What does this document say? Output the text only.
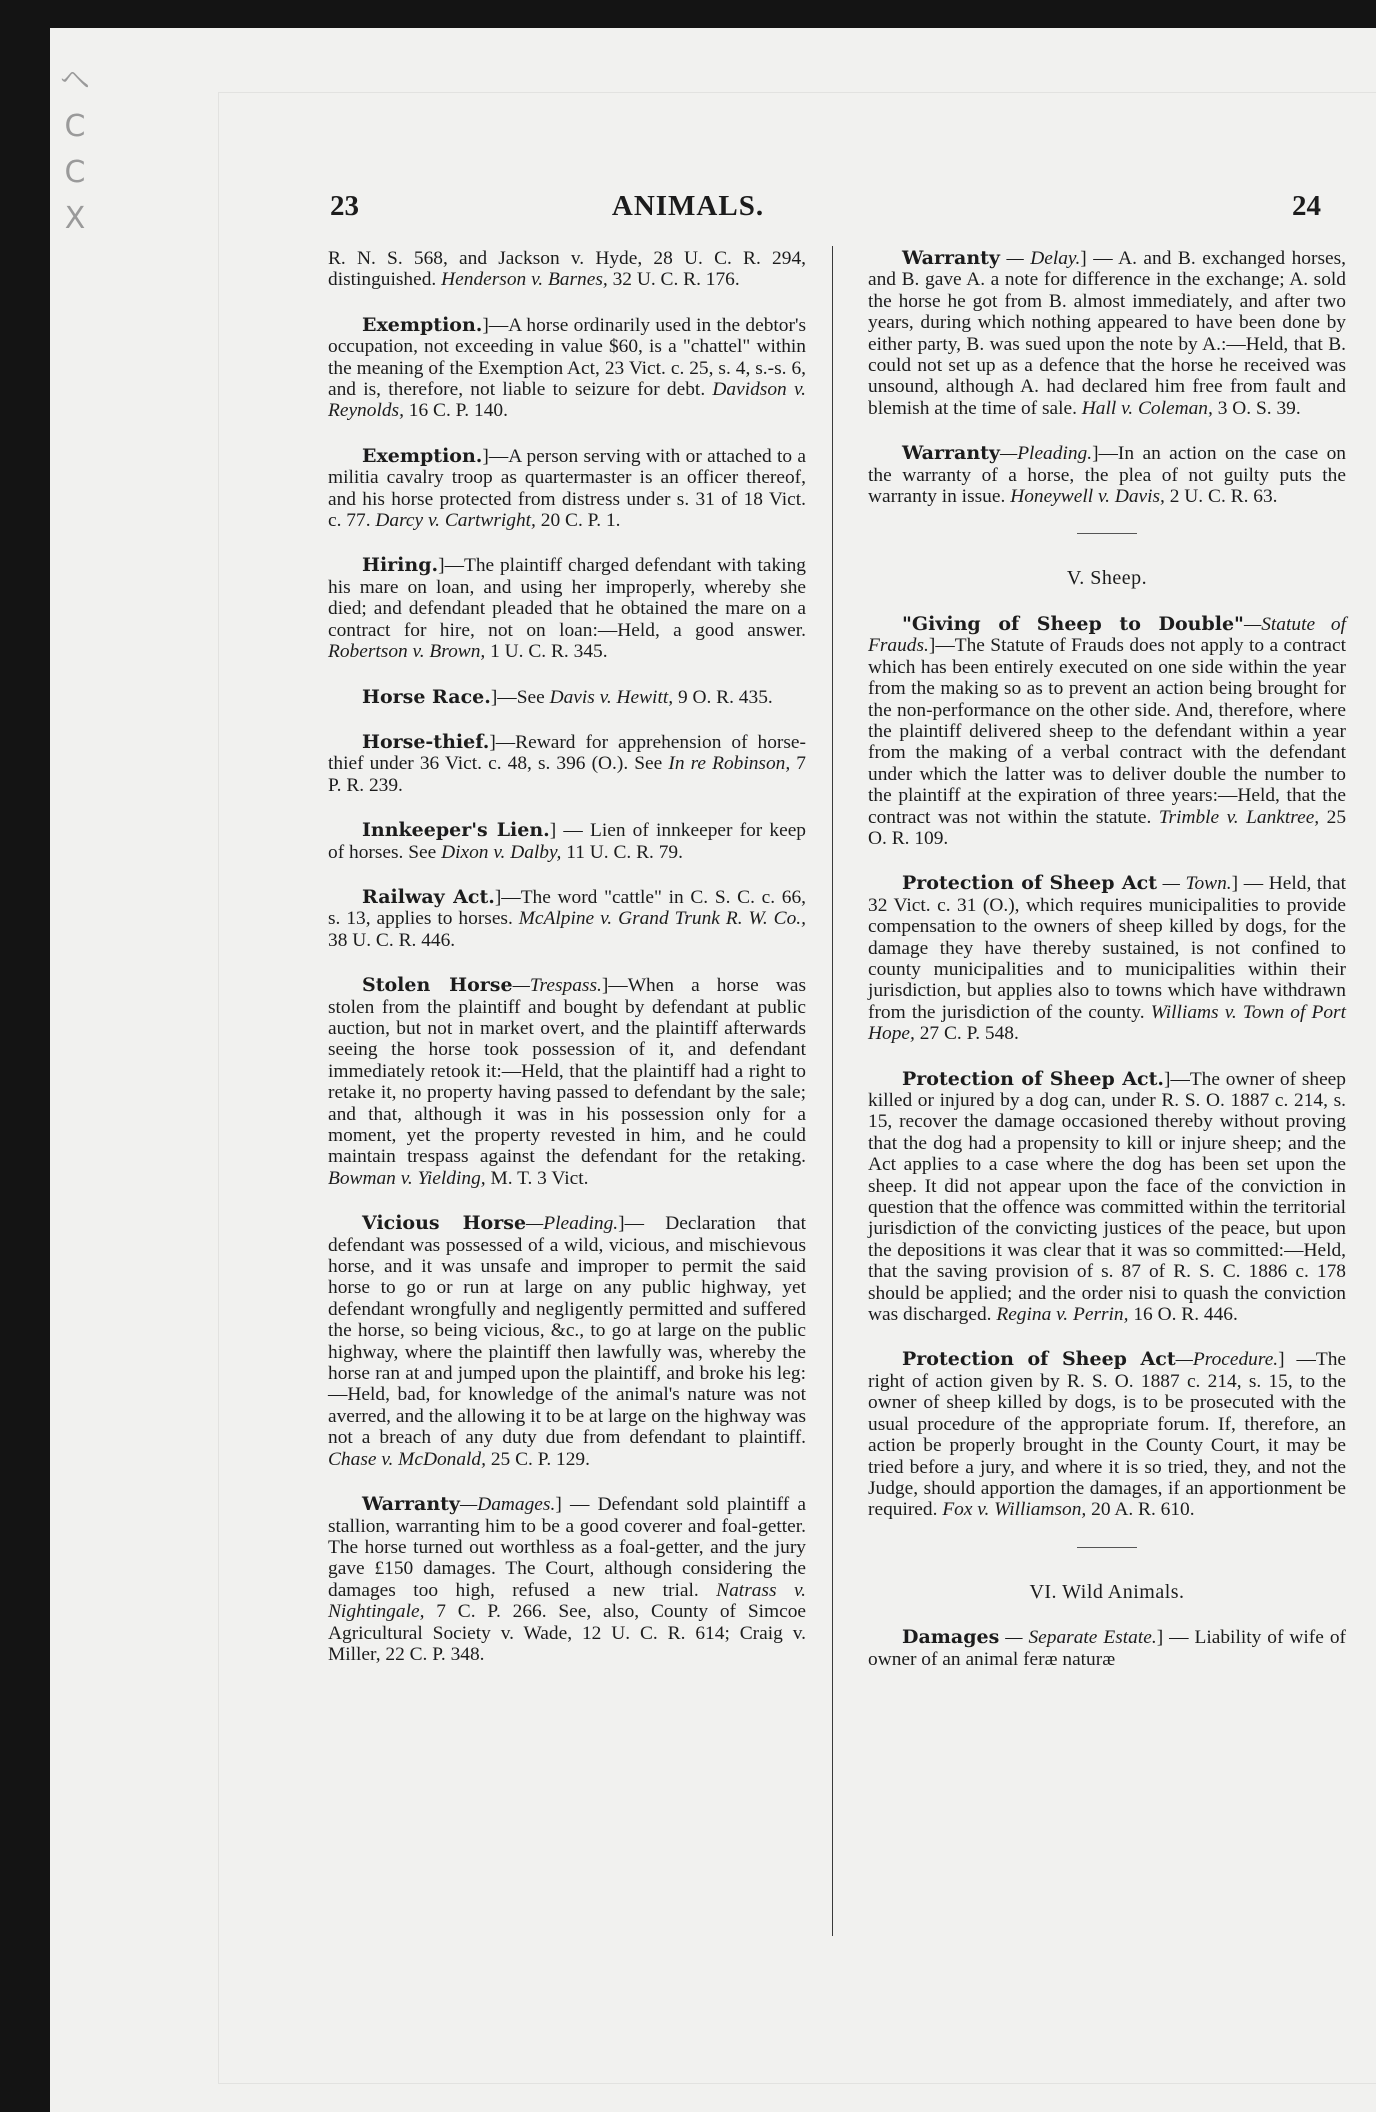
ヘ C C X	23	ANIMALS.	24

R. N. S. 568, and Jackson v. Hyde, 28 U. C. R. 294, distinguished. Henderson v. Barnes, 32 U. C. R. 176.

Exemption.]—A horse ordinarily used in the debtor's occupation, not exceeding in value $60, is a "chattel" within the meaning of the Exemption Act, 23 Vict. c. 25, s. 4, s.-s. 6, and is, therefore, not liable to seizure for debt. Davidson v. Reynolds, 16 C. P. 140.

Exemption.]—A person serving with or attached to a militia cavalry troop as quartermaster is an officer thereof, and his horse protected from distress under s. 31 of 18 Vict. c. 77. Darcy v. Cartwright, 20 C. P. 1.

Hiring.]—The plaintiff charged defendant with taking his mare on loan, and using her improperly, whereby she died; and defendant pleaded that he obtained the mare on a contract for hire, not on loan:—Held, a good answer. Robertson v. Brown, 1 U. C. R. 345.

Horse Race.]—See Davis v. Hewitt, 9 O. R. 435.

Horse-thief.]—Reward for apprehension of horse-thief under 36 Vict. c. 48, s. 396 (O.). See In re Robinson, 7 P. R. 239.

Innkeeper's Lien.] — Lien of innkeeper for keep of horses. See Dixon v. Dalby, 11 U. C. R. 79.

Railway Act.]—The word "cattle" in C. S. C. c. 66, s. 13, applies to horses. McAlpine v. Grand Trunk R. W. Co., 38 U. C. R. 446.

Stolen Horse—Trespass.]—When a horse was stolen from the plaintiff and bought by defendant at public auction, but not in market overt, and the plaintiff afterwards seeing the horse took possession of it, and defendant immediately retook it:—Held, that the plaintiff had a right to retake it, no property having passed to defendant by the sale; and that, although it was in his possession only for a moment, yet the property revested in him, and he could maintain trespass against the defendant for the retaking. Bowman v. Yielding, M. T. 3 Vict.

Vicious Horse—Pleading.]— Declaration that defendant was possessed of a wild, vicious, and mischievous horse, and it was unsafe and improper to permit the said horse to go or run at large on any public highway, yet defendant wrongfully and negligently permitted and suffered the horse, so being vicious, &c., to go at large on the public highway, where the plaintiff then lawfully was, whereby the horse ran at and jumped upon the plaintiff, and broke his leg:—Held, bad, for knowledge of the animal's nature was not averred, and the allowing it to be at large on the highway was not a breach of any duty due from defendant to plaintiff. Chase v. McDonald, 25 C. P. 129.

Warranty—Damages.] — Defendant sold plaintiff a stallion, warranting him to be a good coverer and foal-getter. The horse turned out worthless as a foal-getter, and the jury gave £150 damages. The Court, although considering the damages too high, refused a new trial. Natrass v. Nightingale, 7 C. P. 266. See, also, County of Simcoe Agricultural Society v. Wade, 12 U. C. R. 614; Craig v. Miller, 22 C. P. 348.

Warranty — Delay.] — A. and B. exchanged horses, and B. gave A. a note for difference in the exchange; A. sold the horse he got from B. almost immediately, and after two years, during which nothing appeared to have been done by either party, B. was sued upon the note by A.:—Held, that B. could not set up as a defence that the horse he received was unsound, although A. had declared him free from fault and blemish at the time of sale. Hall v. Coleman, 3 O. S. 39.

Warranty—Pleading.]—In an action on the case on the warranty of a horse, the plea of not guilty puts the warranty in issue. Honeywell v. Davis, 2 U. C. R. 63.

V. Sheep.

"Giving of Sheep to Double"—Statute of Frauds.]—The Statute of Frauds does not apply to a contract which has been entirely executed on one side within the year from the making so as to prevent an action being brought for the non-performance on the other side. And, therefore, where the plaintiff delivered sheep to the defendant within a year from the making of a verbal contract with the defendant under which the latter was to deliver double the number to the plaintiff at the expiration of three years:—Held, that the contract was not within the statute. Trimble v. Lanktree, 25 O. R. 109.

Protection of Sheep Act — Town.] — Held, that 32 Vict. c. 31 (O.), which requires municipalities to provide compensation to the owners of sheep killed by dogs, for the damage they have thereby sustained, is not confined to county municipalities and to municipalities within their jurisdiction, but applies also to towns which have withdrawn from the jurisdiction of the county. Williams v. Town of Port Hope, 27 C. P. 548.

Protection of Sheep Act.]—The owner of sheep killed or injured by a dog can, under R. S. O. 1887 c. 214, s. 15, recover the damage occasioned thereby without proving that the dog had a propensity to kill or injure sheep; and the Act applies to a case where the dog has been set upon the sheep. It did not appear upon the face of the conviction in question that the offence was committed within the territorial jurisdiction of the convicting justices of the peace, but upon the depositions it was clear that it was so committed:—Held, that the saving provision of s. 87 of R. S. C. 1886 c. 178 should be applied; and the order nisi to quash the conviction was discharged. Regina v. Perrin, 16 O. R. 446.

Protection of Sheep Act—Procedure.] —The right of action given by R. S. O. 1887 c. 214, s. 15, to the owner of sheep killed by dogs, is to be prosecuted with the usual procedure of the appropriate forum. If, therefore, an action be properly brought in the County Court, it may be tried before a jury, and where it is so tried, they, and not the Judge, should apportion the damages, if an apportionment be required. Fox v. Williamson, 20 A. R. 610.

VI. Wild Animals.

Damages — Separate Estate.] — Liability of wife of owner of an animal feræ naturæ
